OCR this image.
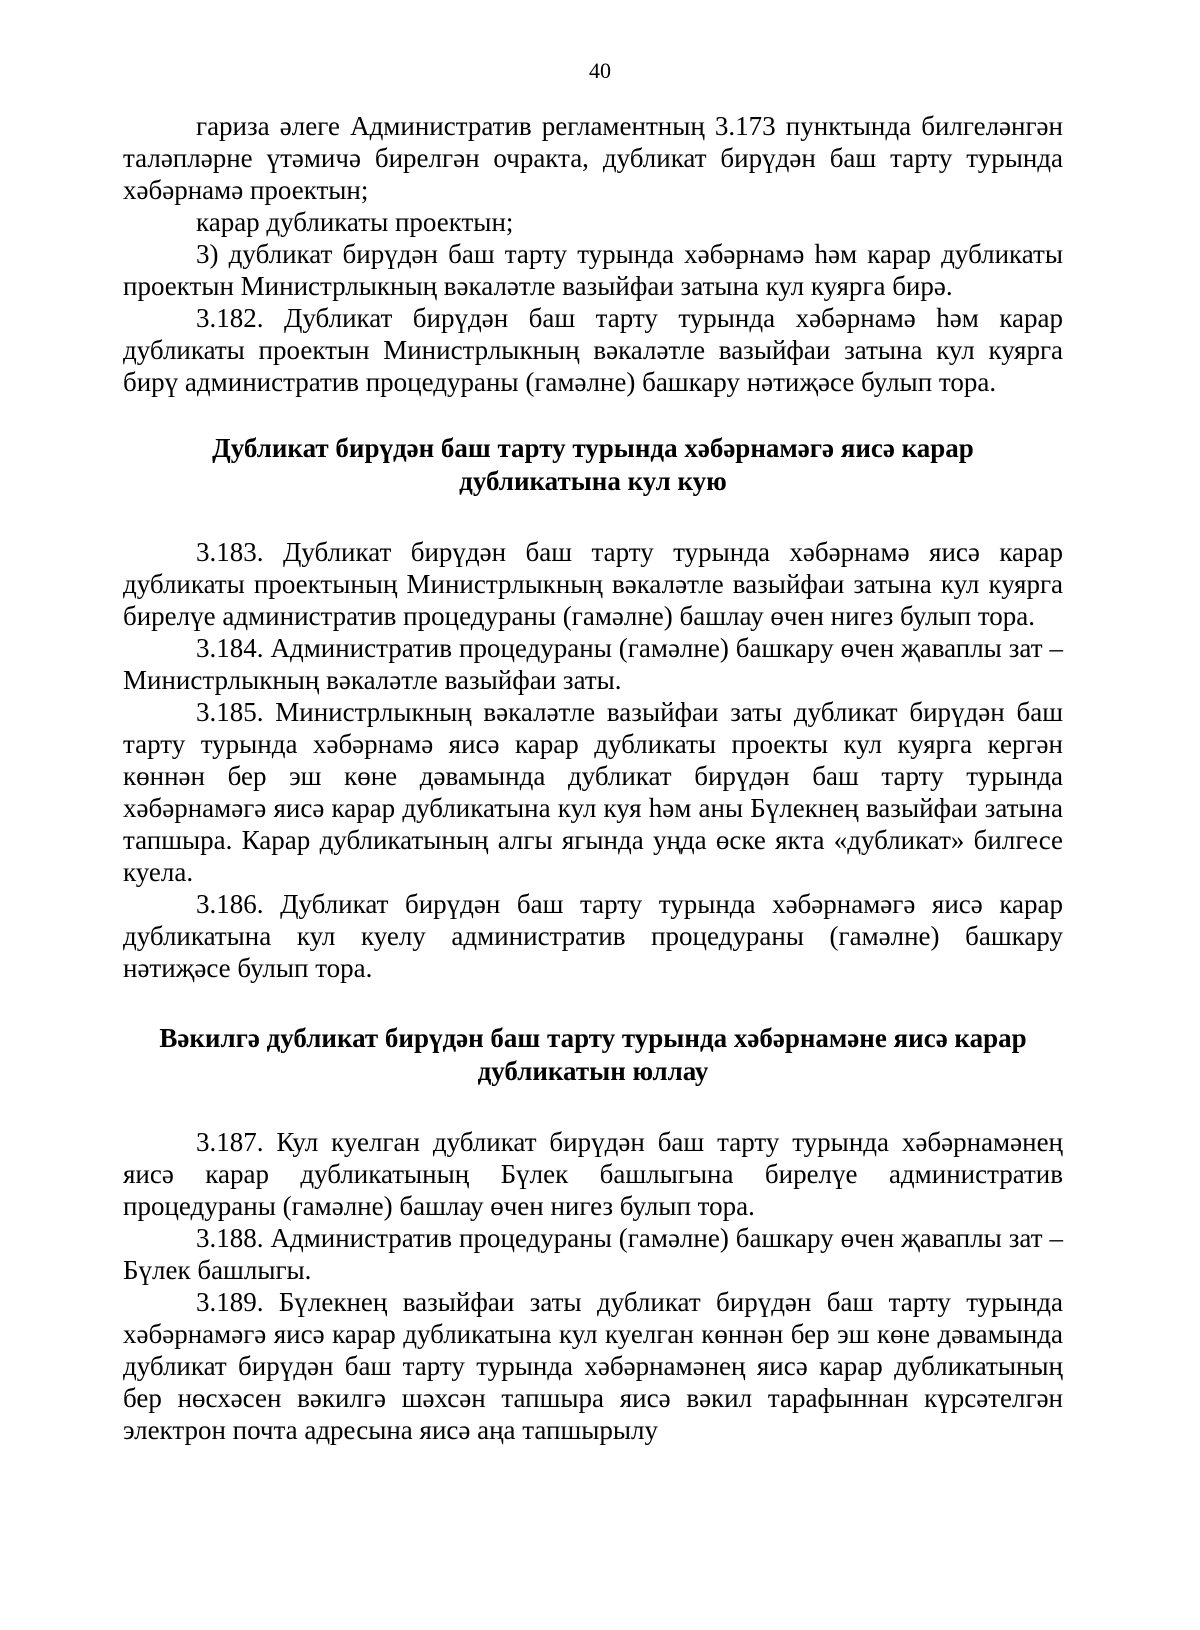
40

гариза әлеге Административ регламентның 3.173 пунктында билгеләнгән таләпләрне үтәмичә бирелгән очракта, дубликат бирүдән баш тарту турында хәбәрнамә проектын;

карар дубликаты проектын;

3) дубликат бирүдән баш тарту турында хәбәрнамә һәм карар дубликаты проектын Министрлыкның вәкаләтле вазыйфаи затына кул куярга бирә.

3.182. Дубликат бирүдән баш тарту турында хәбәрнамә һәм карар дубликаты проектын Министрлыкның вәкаләтле вазыйфаи затына кул куярга бирү административ процедураны (гамәлне) башкару нәтиҗәсе булып тора.

Дубликат бирүдән баш тарту турында хәбәрнамәгә яисә карар
дубликатына кул кую

3.183. Дубликат бирүдән баш тарту турында хәбәрнамә яисә карар дубликаты проектының Министрлыкның вәкаләтле вазыйфаи затына кул куярга бирелүе административ процедураны (гамәлне) башлау өчен нигез булып тора.

3.184. Административ процедураны (гамәлне) башкару өчен җаваплы зат – Министрлыкның вәкаләтле вазыйфаи заты.

3.185. Министрлыкның вәкаләтле вазыйфаи заты дубликат бирүдән баш тарту турында хәбәрнамә яисә карар дубликаты проекты кул куярга кергән көннән бер эш көне дәвамында дубликат бирүдән баш тарту турында хәбәрнамәгә яисә карар дубликатына кул куя һәм аны Бүлекнең вазыйфаи затына тапшыра. Карар дубликатының алгы ягында уңда өске якта «дубликат» билгесе куела.

3.186. Дубликат бирүдән баш тарту турында хәбәрнамәгә яисә карар дубликатына кул куелу административ процедураны (гамәлне) башкару нәтиҗәсе булып тора.

Вәкилгә дубликат бирүдән баш тарту турында хәбәрнамәне яисә карар
дубликатын юллау

3.187. Кул куелган дубликат бирүдән баш тарту турында хәбәрнамәнең яисә карар дубликатының Бүлек башлыгына бирелүе административ процедураны (гамәлне) башлау өчен нигез булып тора.

3.188. Административ процедураны (гамәлне) башкару өчен җаваплы зат – Бүлек башлыгы.

3.189. Бүлекнең вазыйфаи заты дубликат бирүдән баш тарту турында хәбәрнамәгә яисә карар дубликатына кул куелган көннән бер эш көне дәвамында дубликат бирүдән баш тарту турында хәбәрнамәнең яисә карар дубликатының бер нөсхәсен вәкилгә шәхсән тапшыра яисә вәкил тарафыннан күрсәтелгән электрон почта адресына яисә аңа тапшырылу
